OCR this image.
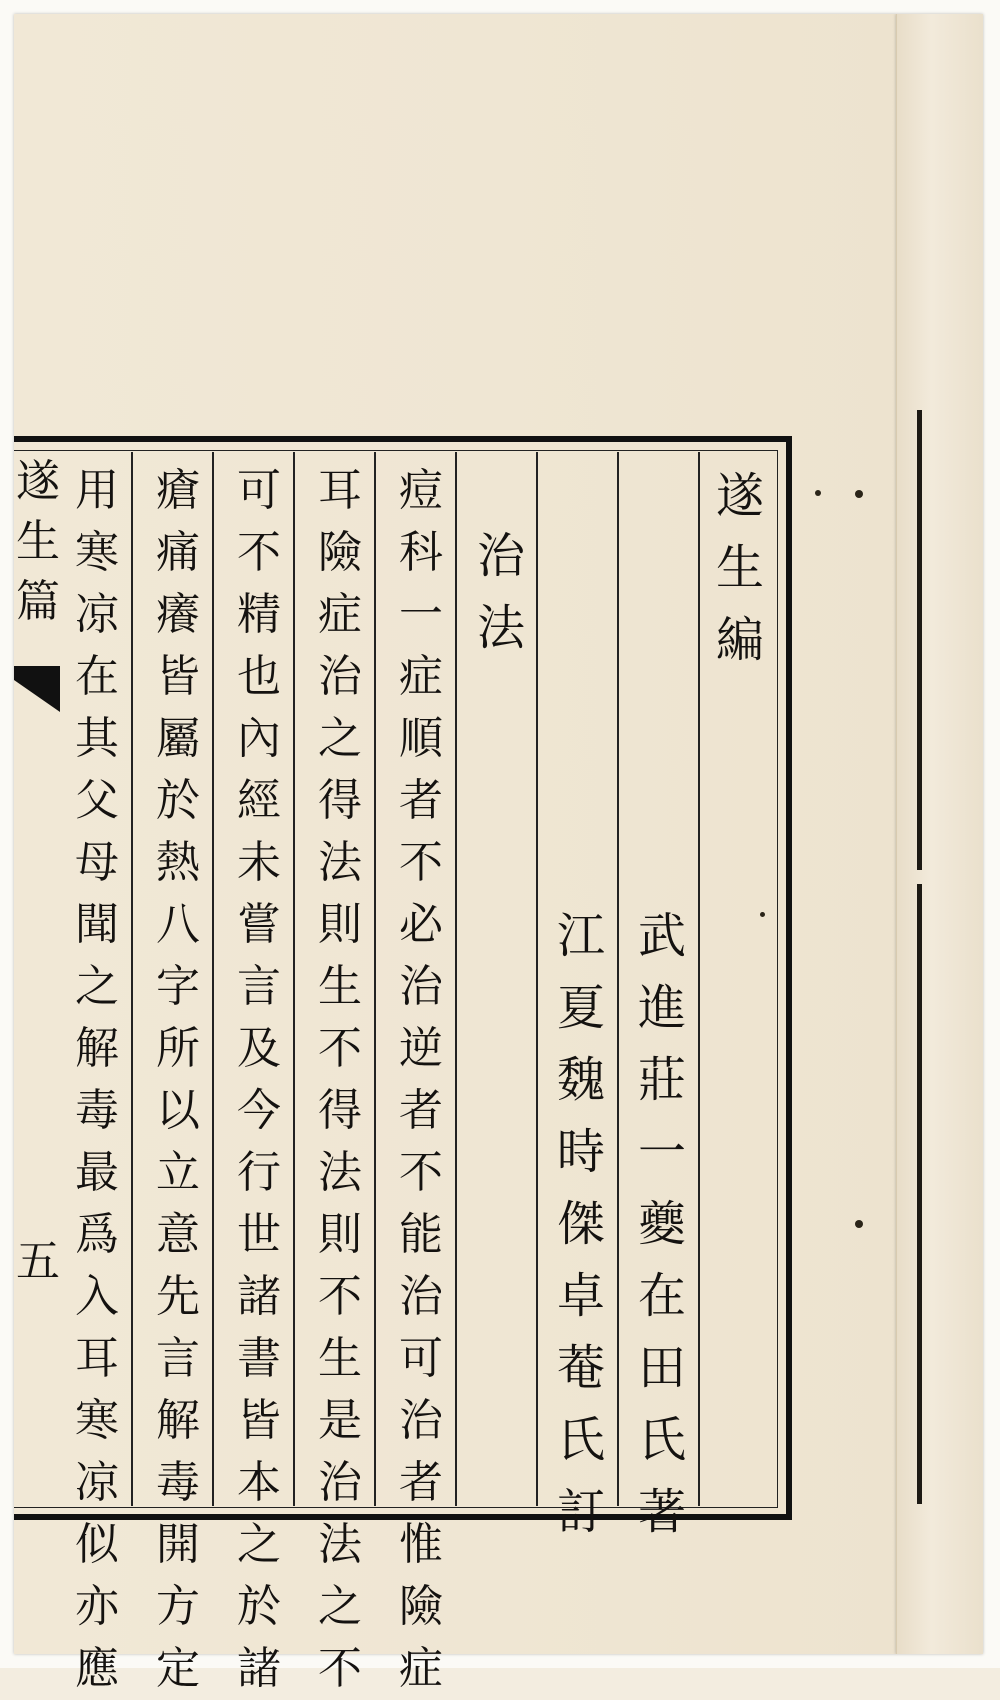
遂
生
篇
五
遂
生
編
武
進
莊
一
夔
在
田
氏
著
江
夏
魏
時
傑
卓
菴
氏
訂
治
法
痘
科
一
症
順
者
不
必
治
逆
者
不
能
治
可
治
者
惟
險
症
耳
險
症
治
之
得
法
則
生
不
得
法
則
不
生
是
治
法
之
不
可
不
精
也
內
經
未
嘗
言
及
今
行
世
諸
書
皆
本
之
於
諸
瘡
痛
癢
皆
屬
於
熱
八
字
所
以
立
意
先
言
解
毒
開
方
定
用
寒
凉
在
其
父
母
聞
之
解
毒
最
爲
入
耳
寒
凉
似
亦
應
